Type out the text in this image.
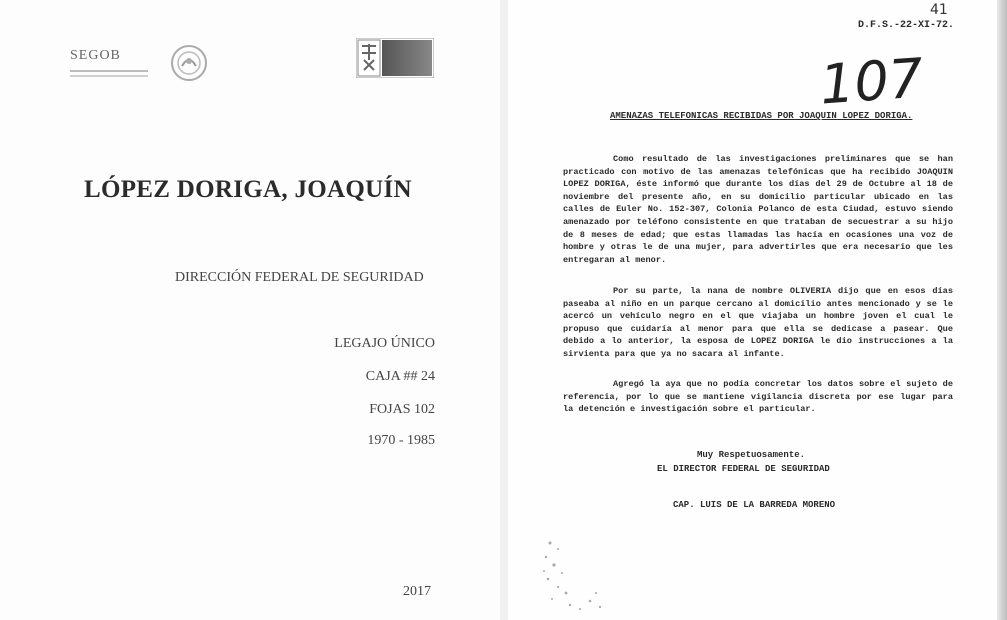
SEGOB
LÓPEZ DORIGA, JOAQUÍN
DIRECCIÓN FEDERAL DE SEGURIDAD
LEGAJO ÚNICO
CAJA ## 24
FOJAS 102
1970 - 1985
2017
41
D.F.S.-22-XI-72.
107
AMENAZAS TELEFONICAS RECIBIDAS POR JOAQUIN LOPEZ DORIGA.
Como resultado de las investigaciones preliminares que se han practicado con motivo de las amenazas telefónicas que ha recibido JOAQUIN LOPEZ DORIGA, éste informó que durante los días del 29 de Octubre al 18 de noviembre del presente año, en su domicilio particular ubicado en las calles de Euler No. 152-307, Colonia Polanco de esta Ciudad, estuvo siendo amenazado por teléfono consistente en que trataban de secuestrar a su hijo de 8 meses de edad; que estas llamadas las hacía en ocasiones una voz de hombre y otras le de una mujer, para advertirles que era necesario que les entregaran al menor.
Por su parte, la nana de nombre OLIVERIA dijo que en esos días paseaba al niño en un parque cercano al domicilio antes mencionado y se le acercó un vehículo negro en el que viajaba un hombre joven el cual le propuso que cuidaría al menor para que ella se dedicase a pasear. Que debido a lo anterior, la esposa de LOPEZ DORIGA le dio instrucciones a la sirvienta para que ya no sacara al infante.
Agregó la aya que no podía concretar los datos sobre el sujeto de referencia, por lo que se mantiene vigilancia discreta por ese lugar para la detención e investigación sobre el particular.
Muy Respetuosamente.
EL DIRECTOR FEDERAL DE SEGURIDAD
CAP. LUIS DE LA BARREDA MORENO
